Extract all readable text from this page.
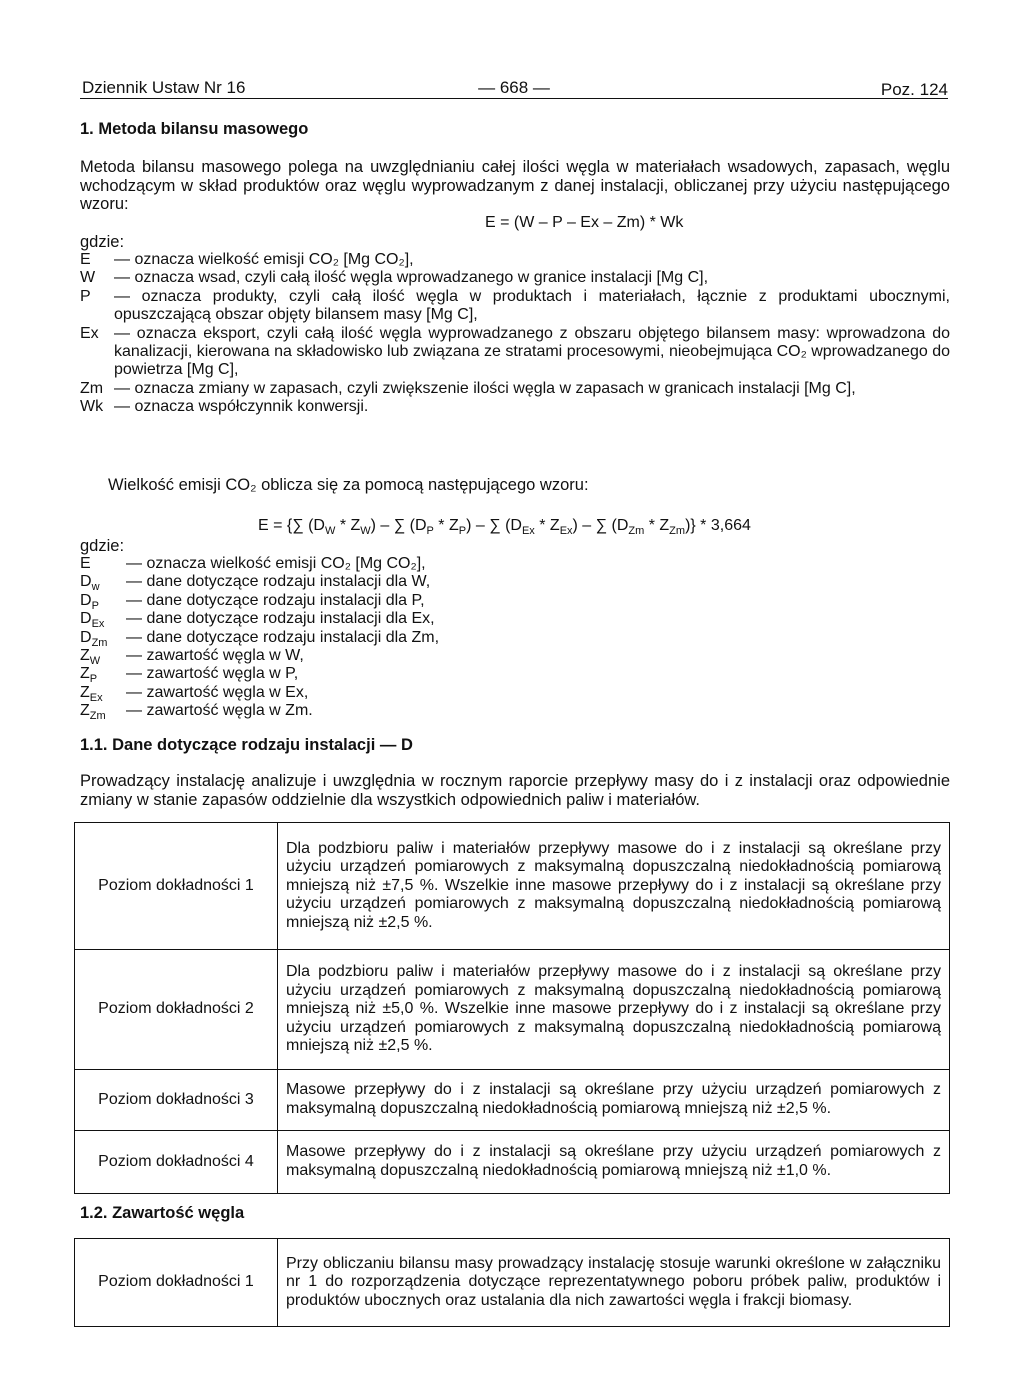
Dziennik Ustaw Nr 16	— 668 —	Poz. 124
1. Metoda bilansu masowego
Metoda bilansu masowego polega na uwzględnianiu całej ilości węgla w materiałach wsadowych, zapasach, węglu wchodzącym w skład produktów oraz węglu wyprowadzanym z danej instalacji, obliczanej przy użyciu następującego wzoru:
E = (W – P – Ex – Zm) * Wk
gdzie:
E — oznacza wielkość emisji CO₂ [Mg CO₂],
W — oznacza wsad, czyli całą ilość węgla wprowadzanego w granice instalacji [Mg C],
P — oznacza produkty, czyli całą ilość węgla w produktach i materiałach, łącznie z produktami ubocznymi, opuszczającą obszar objęty bilansem masy [Mg C],
Ex — oznacza eksport, czyli całą ilość węgla wyprowadzanego z obszaru objętego bilansem masy: wprowadzona do kanalizacji, kierowana na składowisko lub związana ze stratami procesowymi, nieobejmująca CO₂ wprowadzanego do powietrza [Mg C],
Zm — oznacza zmiany w zapasach, czyli zwiększenie ilości węgla w zapasach w granicach instalacji [Mg C],
Wk — oznacza współczynnik konwersji.
Wielkość emisji CO₂ oblicza się za pomocą następującego wzoru:
E = {∑ $(D_W * Z_W)$ – ∑ $(D_P * Z_P)$ – ∑ $(D_{Ex} * Z_{Ex})$ – ∑ $(D_{Zm} * Z_{Zm})\} * 3,664$
gdzie:
E — oznacza wielkość emisji CO₂ [Mg CO₂],
$D_w$ — dane dotyczące rodzaju instalacji dla W,
$D_P$ — dane dotyczące rodzaju instalacji dla P,
$D_{Ex}$ — dane dotyczące rodzaju instalacji dla Ex,
$D_{Zm}$ — dane dotyczące rodzaju instalacji dla Zm,
$Z_W$ — zawartość węgla w W,
$Z_P$ — zawartość węgla w P,
$Z_{Ex}$ — zawartość węgla w Ex,
$Z_{Zm}$ — zawartość węgla w Zm.
1.1. Dane dotyczące rodzaju instalacji — D
Prowadzący instalację analizuje i uwzględnia w rocznym raporcie przepływy masy do i z instalacji oraz odpowiednie zmiany w stanie zapasów oddzielnie dla wszystkich odpowiednich paliw i materiałów.
Poziom dokładności 1	Dla podzbioru paliw i materiałów przepływy masowe do i z instalacji są określane przy użyciu urządzeń pomiarowych z maksymalną dopuszczalną niedokładnością pomiarową mniejszą niż ±7,5 %. Wszelkie inne masowe przepływy do i z instalacji są określane przy użyciu urządzeń pomiarowych z maksymalną dopuszczalną niedokładnością pomiarową mniejszą niż ±2,5 %.
Poziom dokładności 2	Dla podzbioru paliw i materiałów przepływy masowe do i z instalacji są określane przy użyciu urządzeń pomiarowych z maksymalną dopuszczalną niedokładnością pomiarową mniejszą niż ±5,0 %. Wszelkie inne masowe przepływy do i z instalacji są określane przy użyciu urządzeń pomiarowych z maksymalną dopuszczalną niedokładnością pomiarową mniejszą niż ±2,5 %.
Poziom dokładności 3	Masowe przepływy do i z instalacji są określane przy użyciu urządzeń pomiarowych z maksymalną dopuszczalną niedokładnością pomiarową mniejszą niż ±2,5 %.
Poziom dokładności 4	Masowe przepływy do i z instalacji są określane przy użyciu urządzeń pomiarowych z maksymalną dopuszczalną niedokładnością pomiarową mniejszą niż ±1,0 %.
1.2. Zawartość węgla
Poziom dokładności 1	Przy obliczaniu bilansu masy prowadzący instalację stosuje warunki określone w załączniku nr 1 do rozporządzenia dotyczące reprezentatywnego poboru próbek paliw, produktów i produktów ubocznych oraz ustalania dla nich zawartości węgla i frakcji biomasy.
